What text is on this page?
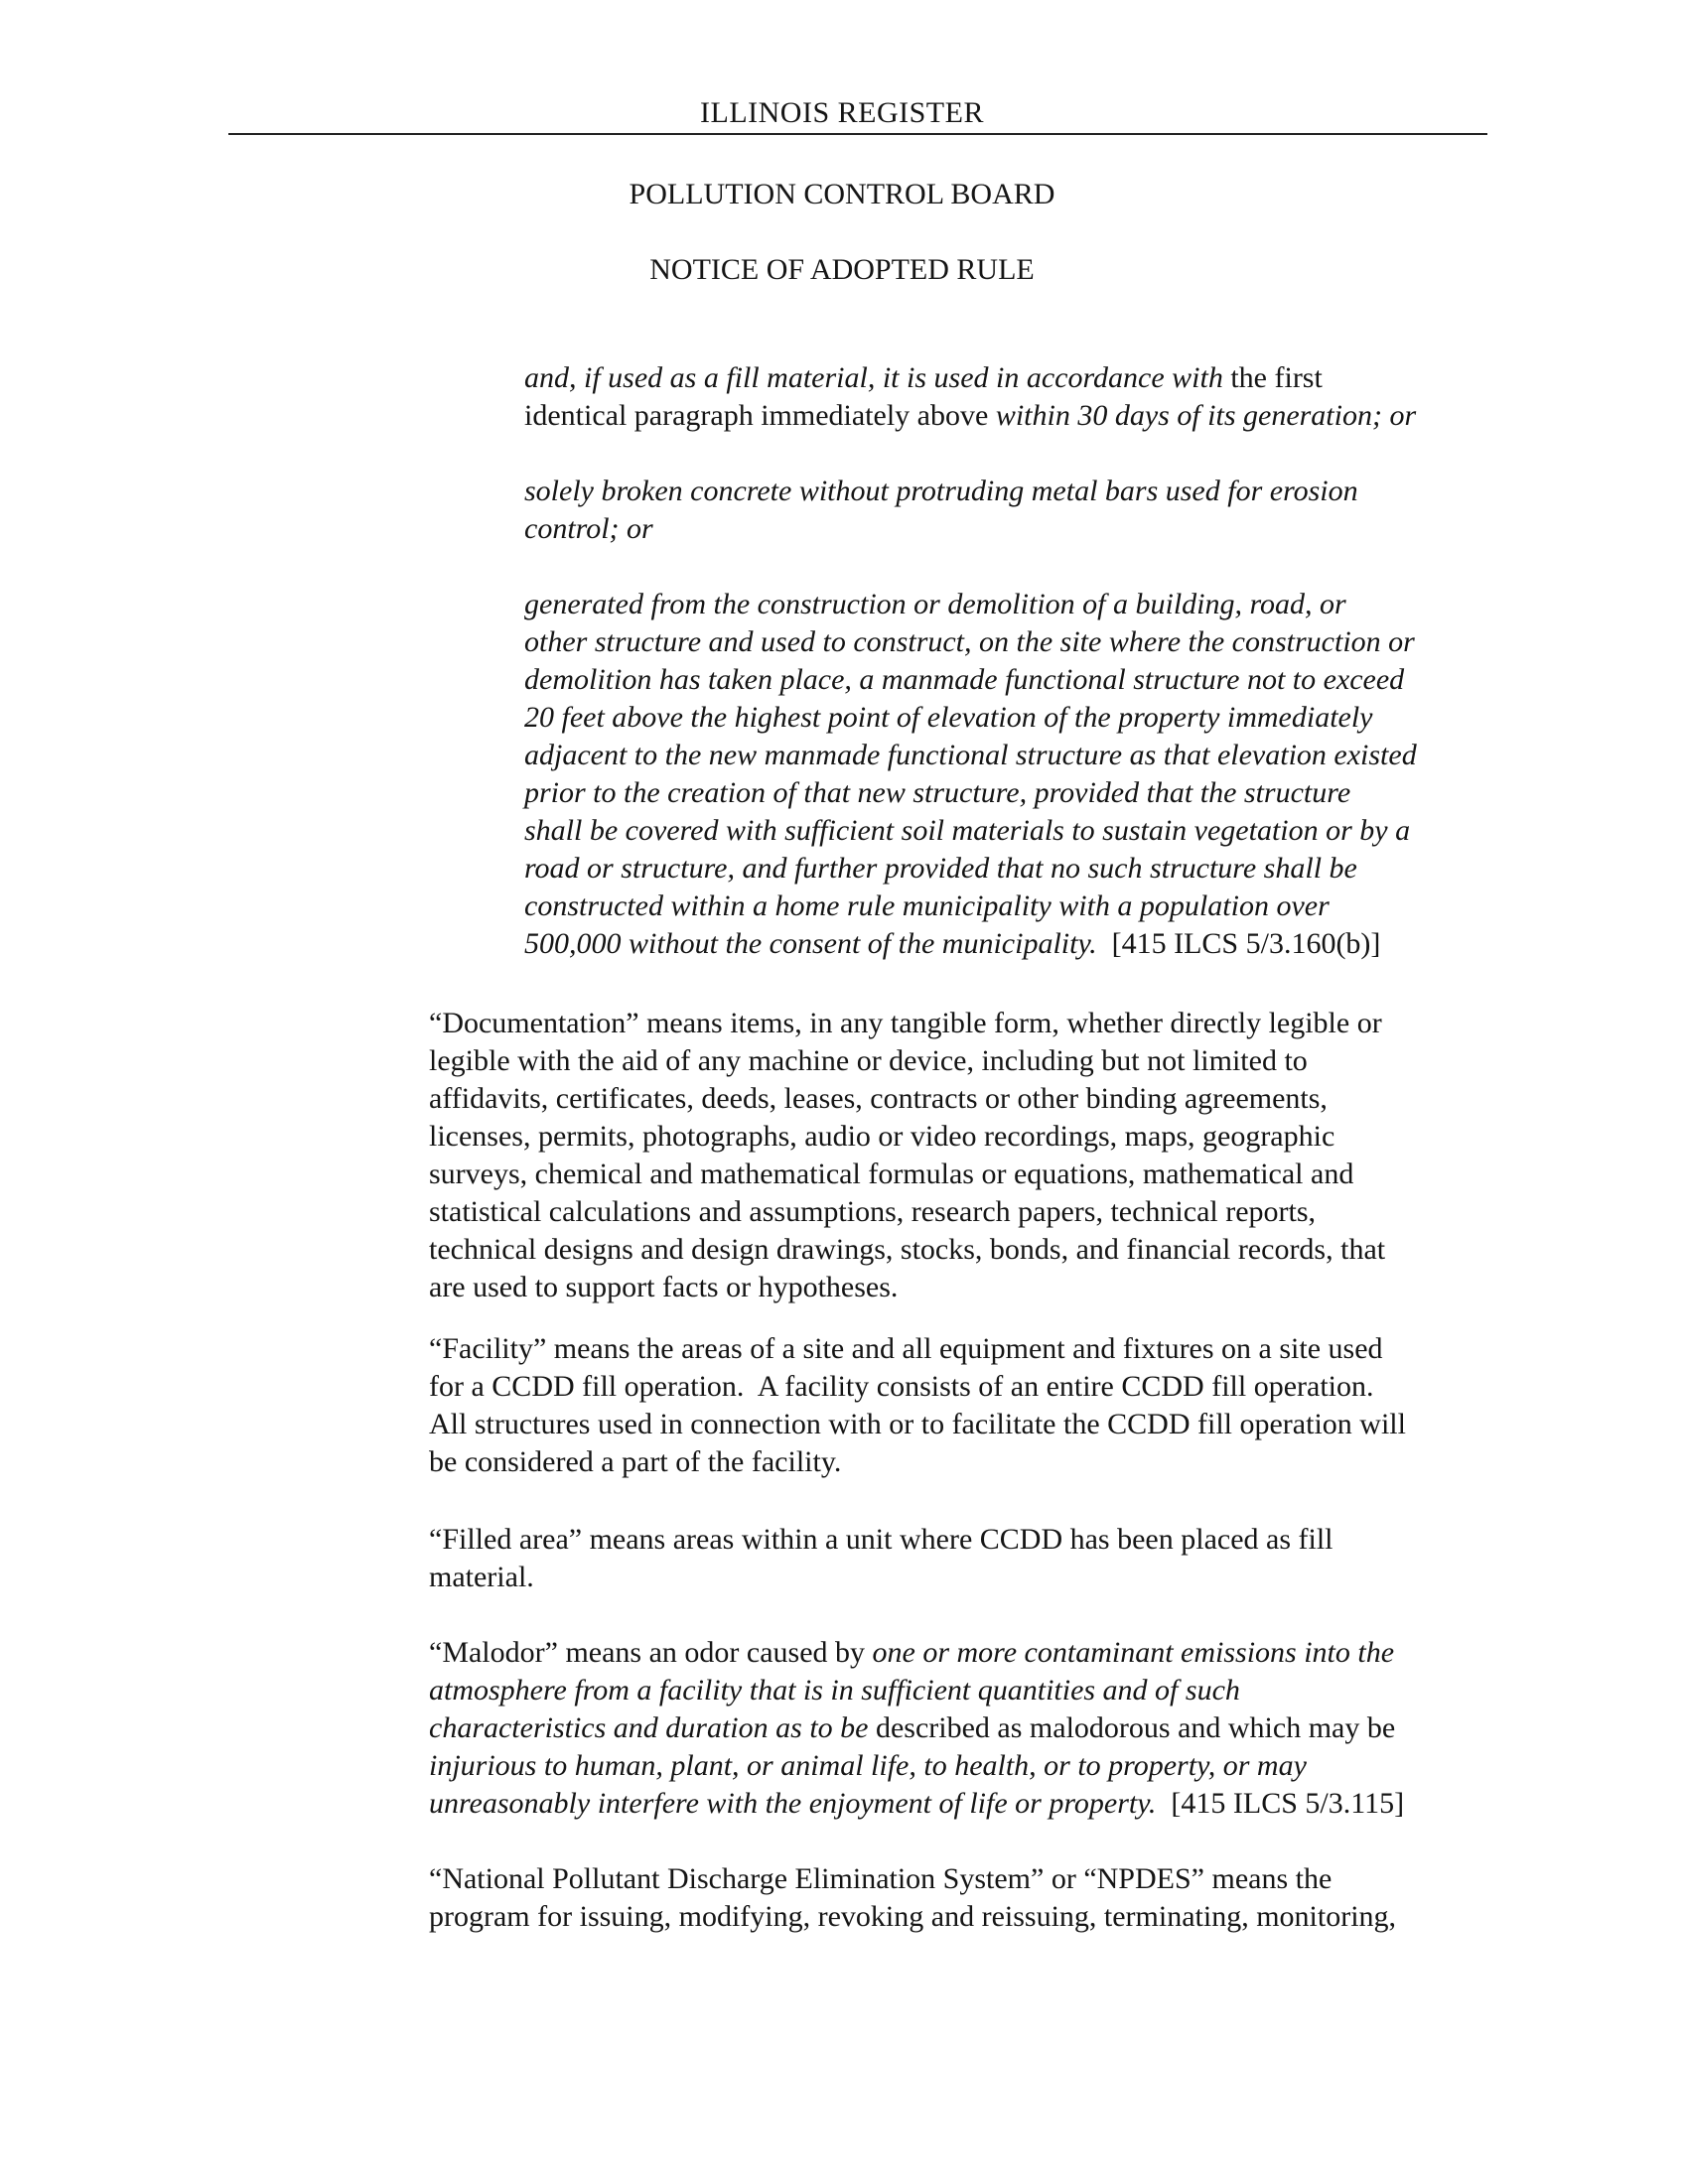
ILLINOIS REGISTER
POLLUTION CONTROL BOARD
NOTICE OF ADOPTED RULE

and, if used as a fill material, it is used in accordance with the first
identical paragraph immediately above within 30 days of its generation; or

solely broken concrete without protruding metal bars used for erosion
control; or

generated from the construction or demolition of a building, road, or
other structure and used to construct, on the site where the construction or
demolition has taken place, a manmade functional structure not to exceed
20 feet above the highest point of elevation of the property immediately
adjacent to the new manmade functional structure as that elevation existed
prior to the creation of that new structure, provided that the structure
shall be covered with sufficient soil materials to sustain vegetation or by a
road or structure, and further provided that no such structure shall be
constructed within a home rule municipality with a population over
500,000 without the consent of the municipality.  [415 ILCS 5/3.160(b)]

“Documentation” means items, in any tangible form, whether directly legible or
legible with the aid of any machine or device, including but not limited to
affidavits, certificates, deeds, leases, contracts or other binding agreements,
licenses, permits, photographs, audio or video recordings, maps, geographic
surveys, chemical and mathematical formulas or equations, mathematical and
statistical calculations and assumptions, research papers, technical reports,
technical designs and design drawings, stocks, bonds, and financial records, that
are used to support facts or hypotheses.

“Facility” means the areas of a site and all equipment and fixtures on a site used
for a CCDD fill operation.  A facility consists of an entire CCDD fill operation.
All structures used in connection with or to facilitate the CCDD fill operation will
be considered a part of the facility.

“Filled area” means areas within a unit where CCDD has been placed as fill
material.

“Malodor” means an odor caused by one or more contaminant emissions into the
atmosphere from a facility that is in sufficient quantities and of such
characteristics and duration as to be described as malodorous and which may be
injurious to human, plant, or animal life, to health, or to property, or may
unreasonably interfere with the enjoyment of life or property.  [415 ILCS 5/3.115]

“National Pollutant Discharge Elimination System” or “NPDES” means the
program for issuing, modifying, revoking and reissuing, terminating, monitoring,
